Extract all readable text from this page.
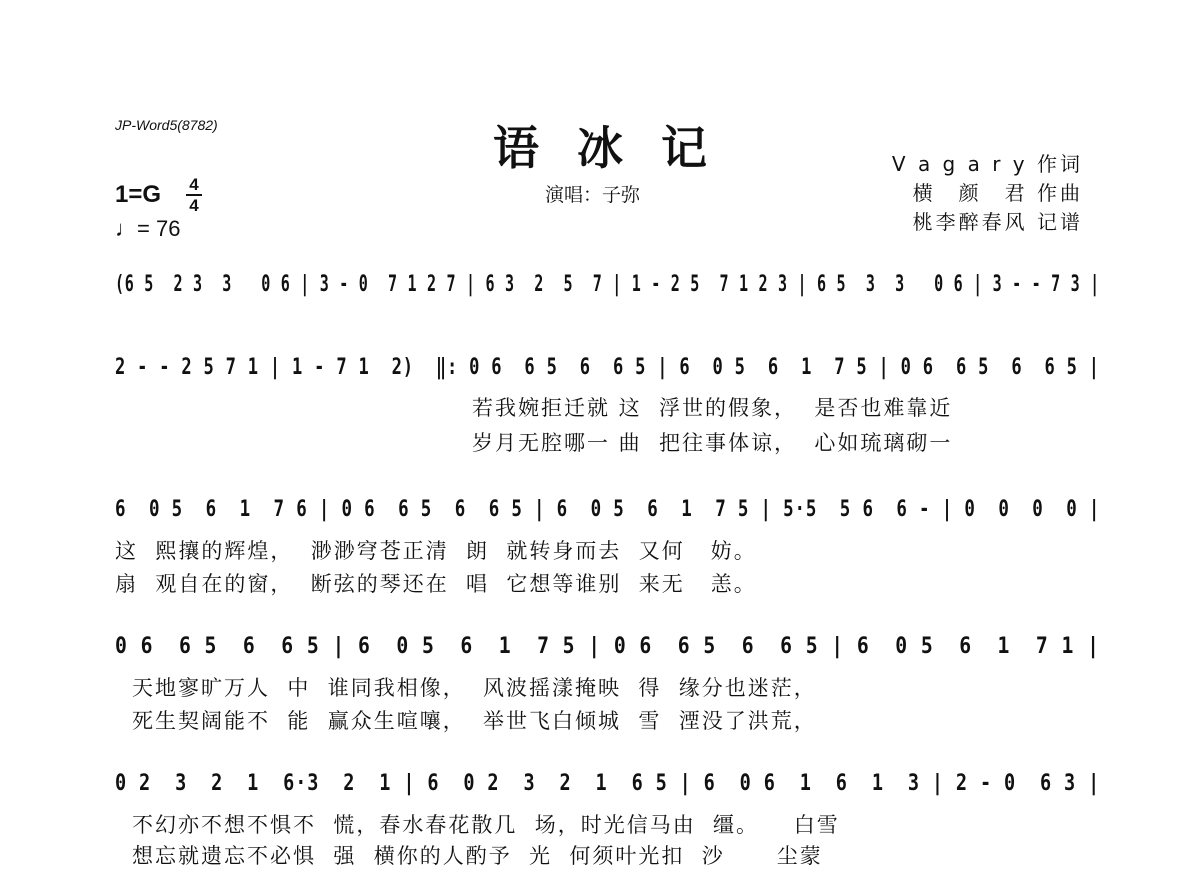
JP-Word5(8782)	语冰记
演唱：子弥
V a g a r y 作词
横　颜　君 作曲
桃李醉春风 记谱
1=G 4
4
♩= 76
(6 5  2 3  3   0 6 | 3 - 0  7 1 2 7 | 6 3  2  5  7 | 1 - 2 5  7 1 2 3 | 6 5  3  3   0 6 | 3 - - 7 3 |
2 - - 2 5 7 1 | 1 - 7 1  2)  ‖: 0 6  6 5  6  6 5 | 6  0 5  6  1  7 5 | 0 6  6 5  6  6 5 |
若我婉拒迁就 这  浮世的假象，  是否也难靠近
岁月无腔哪一 曲  把往事体谅，  心如琉璃砌一
6  0 5  6  1  7 6 | 0 6  6 5  6  6 5 | 6  0 5  6  1  7 5 | 5·5  5 6  6 - | 0  0  0  0 |
这  熙攘的辉煌，  渺渺穹苍正清  朗  就转身而去  又何   妨。
扇  观自在的窗，  断弦的琴还在  唱  它想等谁别  来无   恙。
0 6  6 5  6  6 5 | 6  0 5  6  1  7 5 | 0 6  6 5  6  6 5 | 6  0 5  6  1  7 1 |
天地寥旷万人  中  谁同我相像，  风波摇漾掩映  得  缘分也迷茫，
死生契阔能不  能  赢众生喧嚷，  举世飞白倾城  雪  湮没了洪荒，
0 2  3  2  1  6·3  2  1 | 6  0 2  3  2  1  6 5 | 6  0 6  1  6  1  3 | 2 - 0  6 3 |
不幻亦不想不惧不  慌，春水春花散几  场，时光信马由  缰。    白雪
想忘就遗忘不必惧  强  横你的人酌予  光  何须叶光扣  沙      尘蒙
